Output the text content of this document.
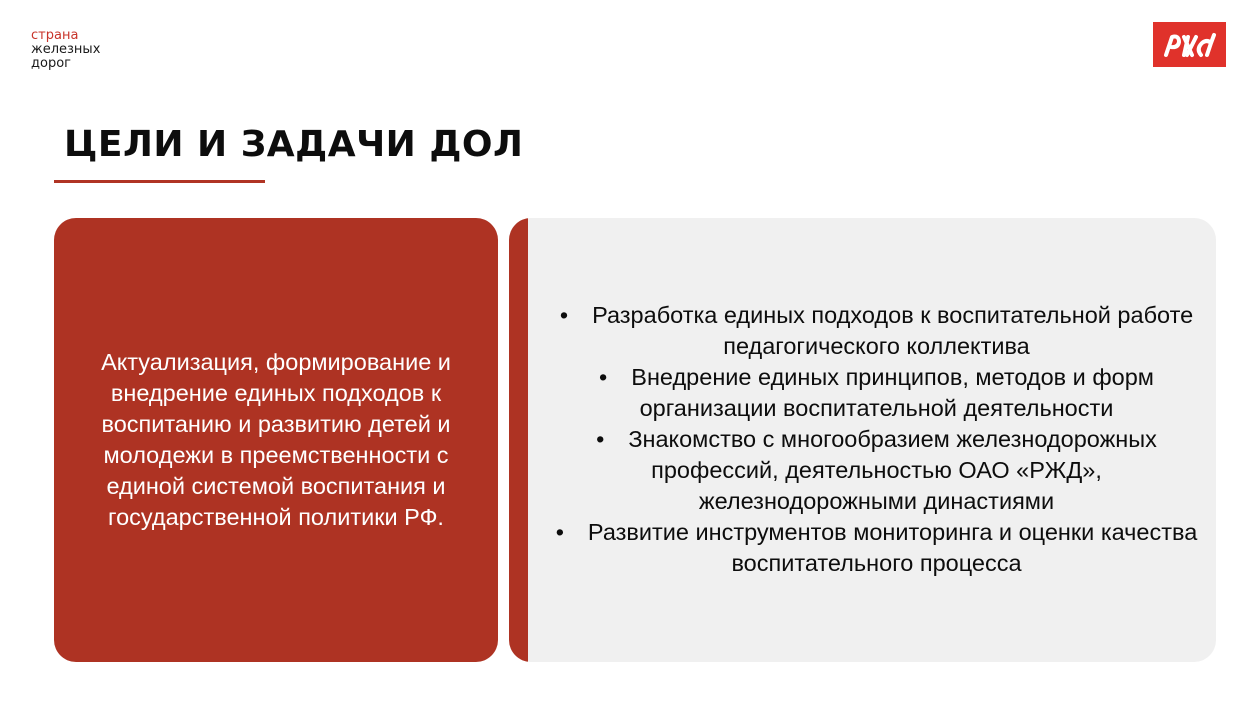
страна
железных
дорог
ЦЕЛИ И ЗАДАЧИ ДОЛ

Актуализация, формирование и внедрение единых подходов к воспитанию и развитию детей и молодежи в преемственности с единой системой воспитания и государственной политики РФ.

• Разработка единых подходов к воспитательной работе педагогического коллектива
• Внедрение единых принципов, методов и форм организации воспитательной деятельности
• Знакомство с многообразием железнодорожных профессий, деятельностью ОАО «РЖД», железнодорожными династиями
• Развитие инструментов мониторинга и оценки качества воспитательного процесса
